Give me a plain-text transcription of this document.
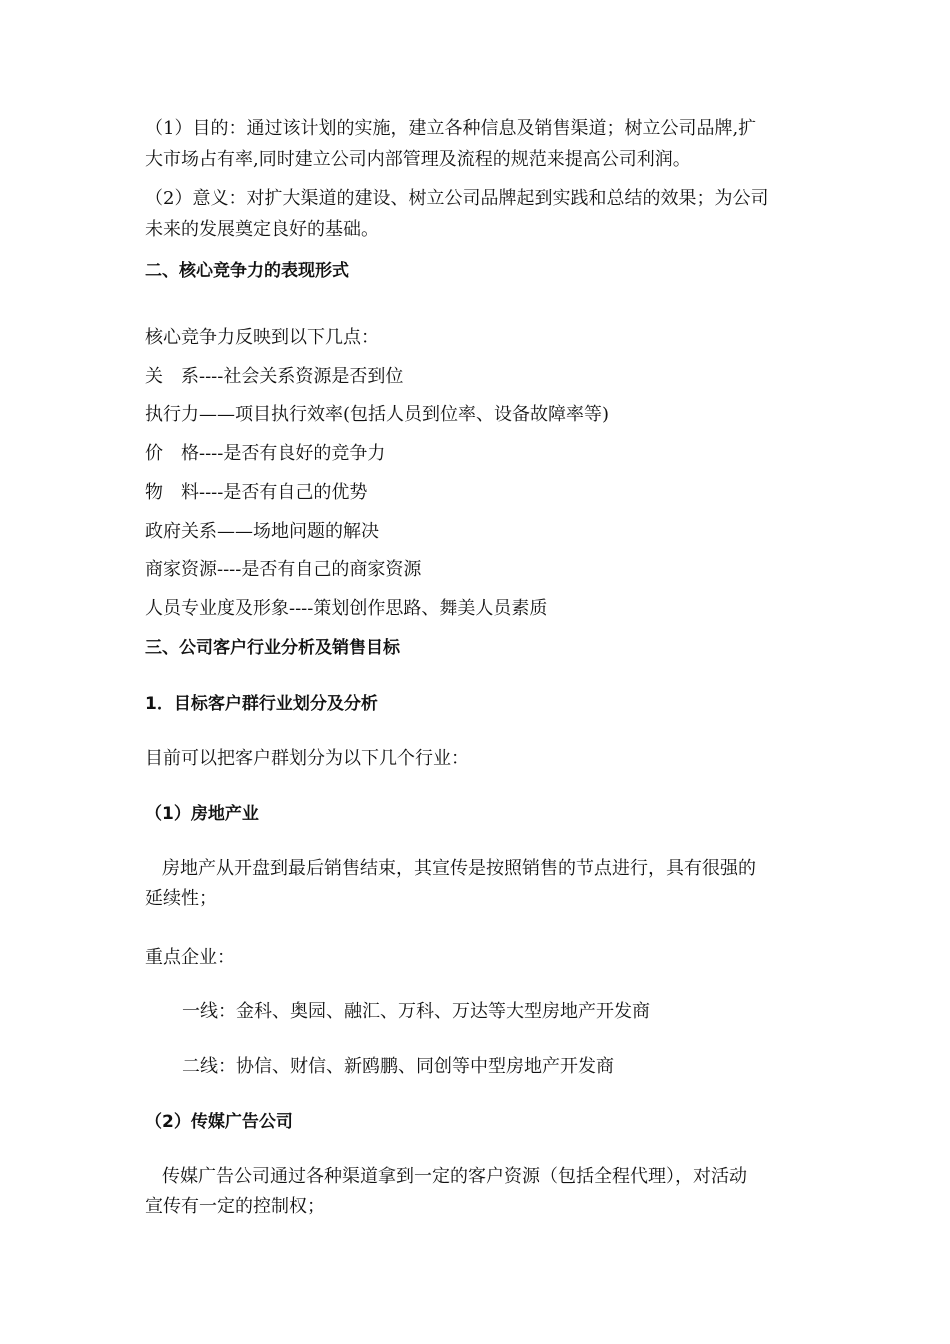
（1）目的：通过该计划的实施，建立各种信息及销售渠道；树立公司品牌,扩
大市场占有率,同时建立公司内部管理及流程的规范来提高公司利润。
（2）意义：对扩大渠道的建设、树立公司品牌起到实践和总结的效果；为公司
未来的发展奠定良好的基础。
二、核心竞争力的表现形式
核心竞争力反映到以下几点：
关　系----社会关系资源是否到位
执行力——项目执行效率(包括人员到位率、设备故障率等)
价　格----是否有良好的竞争力
物　料----是否有自己的优势
政府关系——场地问题的解决
商家资源----是否有自己的商家资源
人员专业度及形象----策划创作思路、舞美人员素质
三、公司客户行业分析及销售目标
1．目标客户群行业划分及分析
目前可以把客户群划分为以下几个行业：
（1）房地产业
房地产从开盘到最后销售结束，其宣传是按照销售的节点进行，具有很强的
延续性；
重点企业：
一线：金科、奥园、融汇、万科、万达等大型房地产开发商
二线：协信、财信、新鸥鹏、同创等中型房地产开发商
（2）传媒广告公司
传媒广告公司通过各种渠道拿到一定的客户资源（包括全程代理），对活动
宣传有一定的控制权；
